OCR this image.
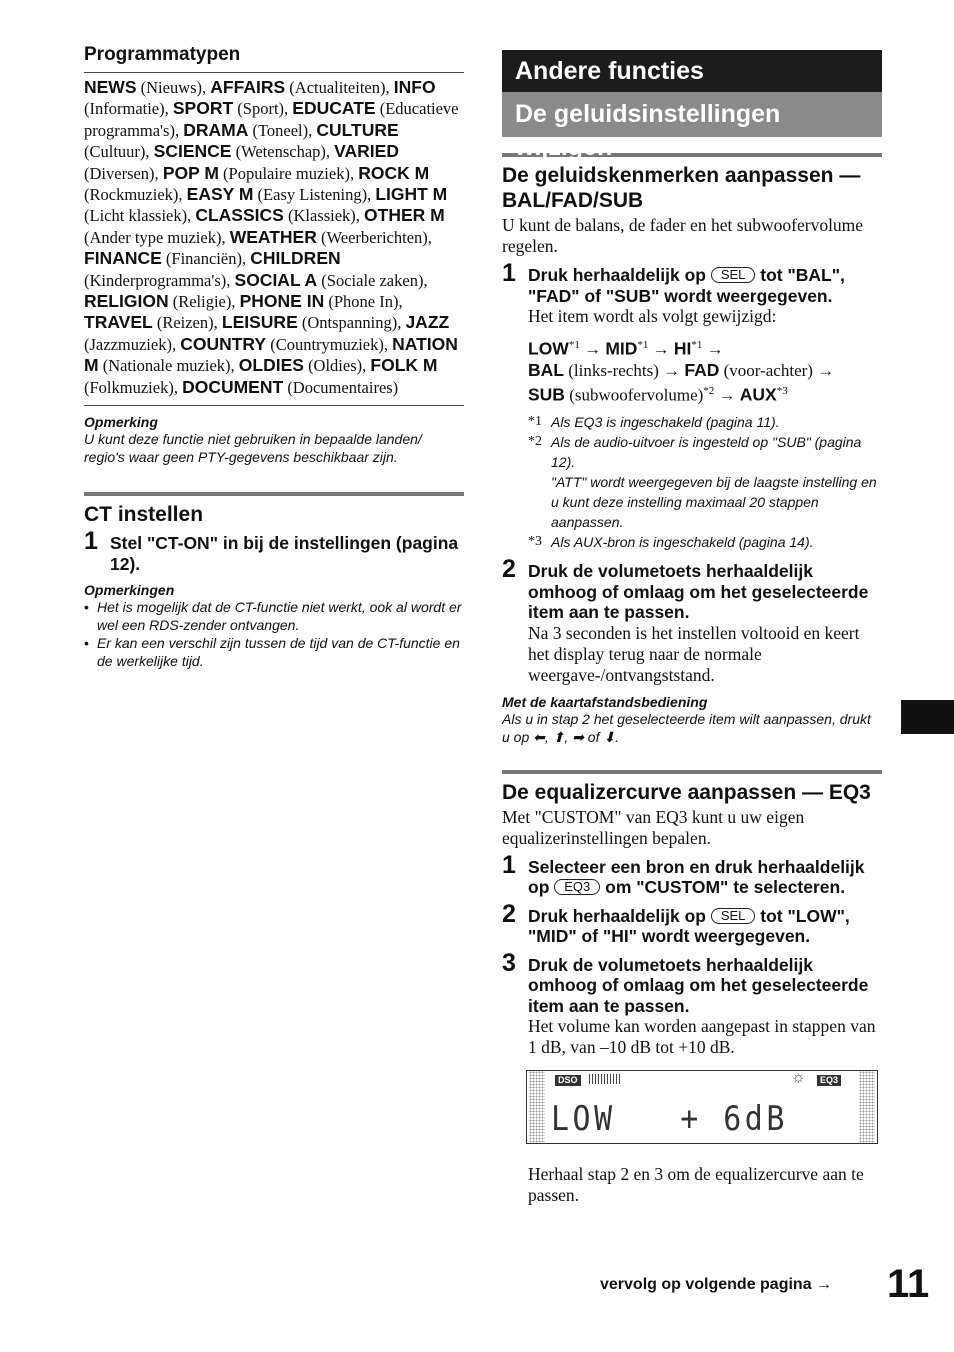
Programmatypen
NEWS (Nieuws), AFFAIRS (Actualiteiten), INFO (Informatie), SPORT (Sport), EDUCATE (Educatieve programma's), DRAMA (Toneel), CULTURE (Cultuur), SCIENCE (Wetenschap), VARIED (Diversen), POP M (Populaire muziek), ROCK M (Rockmuziek), EASY M (Easy Listening), LIGHT M (Licht klassiek), CLASSICS (Klassiek), OTHER M (Ander type muziek), WEATHER (Weerberichten), FINANCE (Financiën), CHILDREN (Kinderprogramma's), SOCIAL A (Sociale zaken), RELIGION (Religie), PHONE IN (Phone In), TRAVEL (Reizen), LEISURE (Ontspanning), JAZZ (Jazzmuziek), COUNTRY (Countrymuziek), NATION M (Nationale muziek), OLDIES (Oldies), FOLK M (Folkmuziek), DOCUMENT (Documentaires)
Opmerking
U kunt deze functie niet gebruiken in bepaalde landen/ regio's waar geen PTY-gegevens beschikbaar zijn.
CT instellen
1 Stel "CT-ON" in bij de instellingen (pagina 12).
Opmerkingen
• Het is mogelijk dat de CT-functie niet werkt, ook al wordt er wel een RDS-zender ontvangen.
• Er kan een verschil zijn tussen de tijd van de CT-functie en de werkelijke tijd.
Andere functies
De geluidsinstellingen wijzigen
De geluidskenmerken aanpassen — BAL/FAD/SUB
U kunt de balans, de fader en het subwoofervolume regelen.
1 Druk herhaaldelijk op SEL tot "BAL", "FAD" of "SUB" wordt weergegeven.
Het item wordt als volgt gewijzigd:
$LOW^{*1} \to MID^{*1} \to HI^{*1}$ →
BAL (links-rechts) → FAD (voor-achter) →
SUB (subwoofervolume)$^{*2}$ → $AUX^{*3}$
*1 Als EQ3 is ingeschakeld (pagina 11).
*2 Als de audio-uitvoer is ingesteld op "SUB" (pagina 12).
"ATT" wordt weergegeven bij de laagste instelling en u kunt deze instelling maximaal 20 stappen aanpassen.
*3 Als AUX-bron is ingeschakeld (pagina 14).
2 Druk de volumetoets herhaaldelijk omhoog of omlaag om het geselecteerde item aan te passen.
Na 3 seconden is het instellen voltooid en keert het display terug naar de normale weergave-/ontvangststand.
Met de kaartafstandsbediening
Als u in stap 2 het geselecteerde item wilt aanpassen, drukt u op ⬅, ⬆, ➡ of ⬇.
De equalizercurve aanpassen — EQ3
Met "CUSTOM" van EQ3 kunt u uw eigen equalizerinstellingen bepalen.
1 Selecteer een bron en druk herhaaldelijk op EQ3 om "CUSTOM" te selecteren.
2 Druk herhaaldelijk op SEL tot "LOW", "MID" of "HI" wordt weergegeven.
3 Druk de volumetoets herhaaldelijk omhoog of omlaag om het geselecteerde item aan te passen.
Het volume kan worden aangepast in stappen van 1 dB, van –10 dB tot +10 dB.
DSO	☼	EQ3
LOW   + 6dB
Herhaal stap 2 en 3 om de equalizercurve aan te passen.
vervolg op volgende pagina → 11
